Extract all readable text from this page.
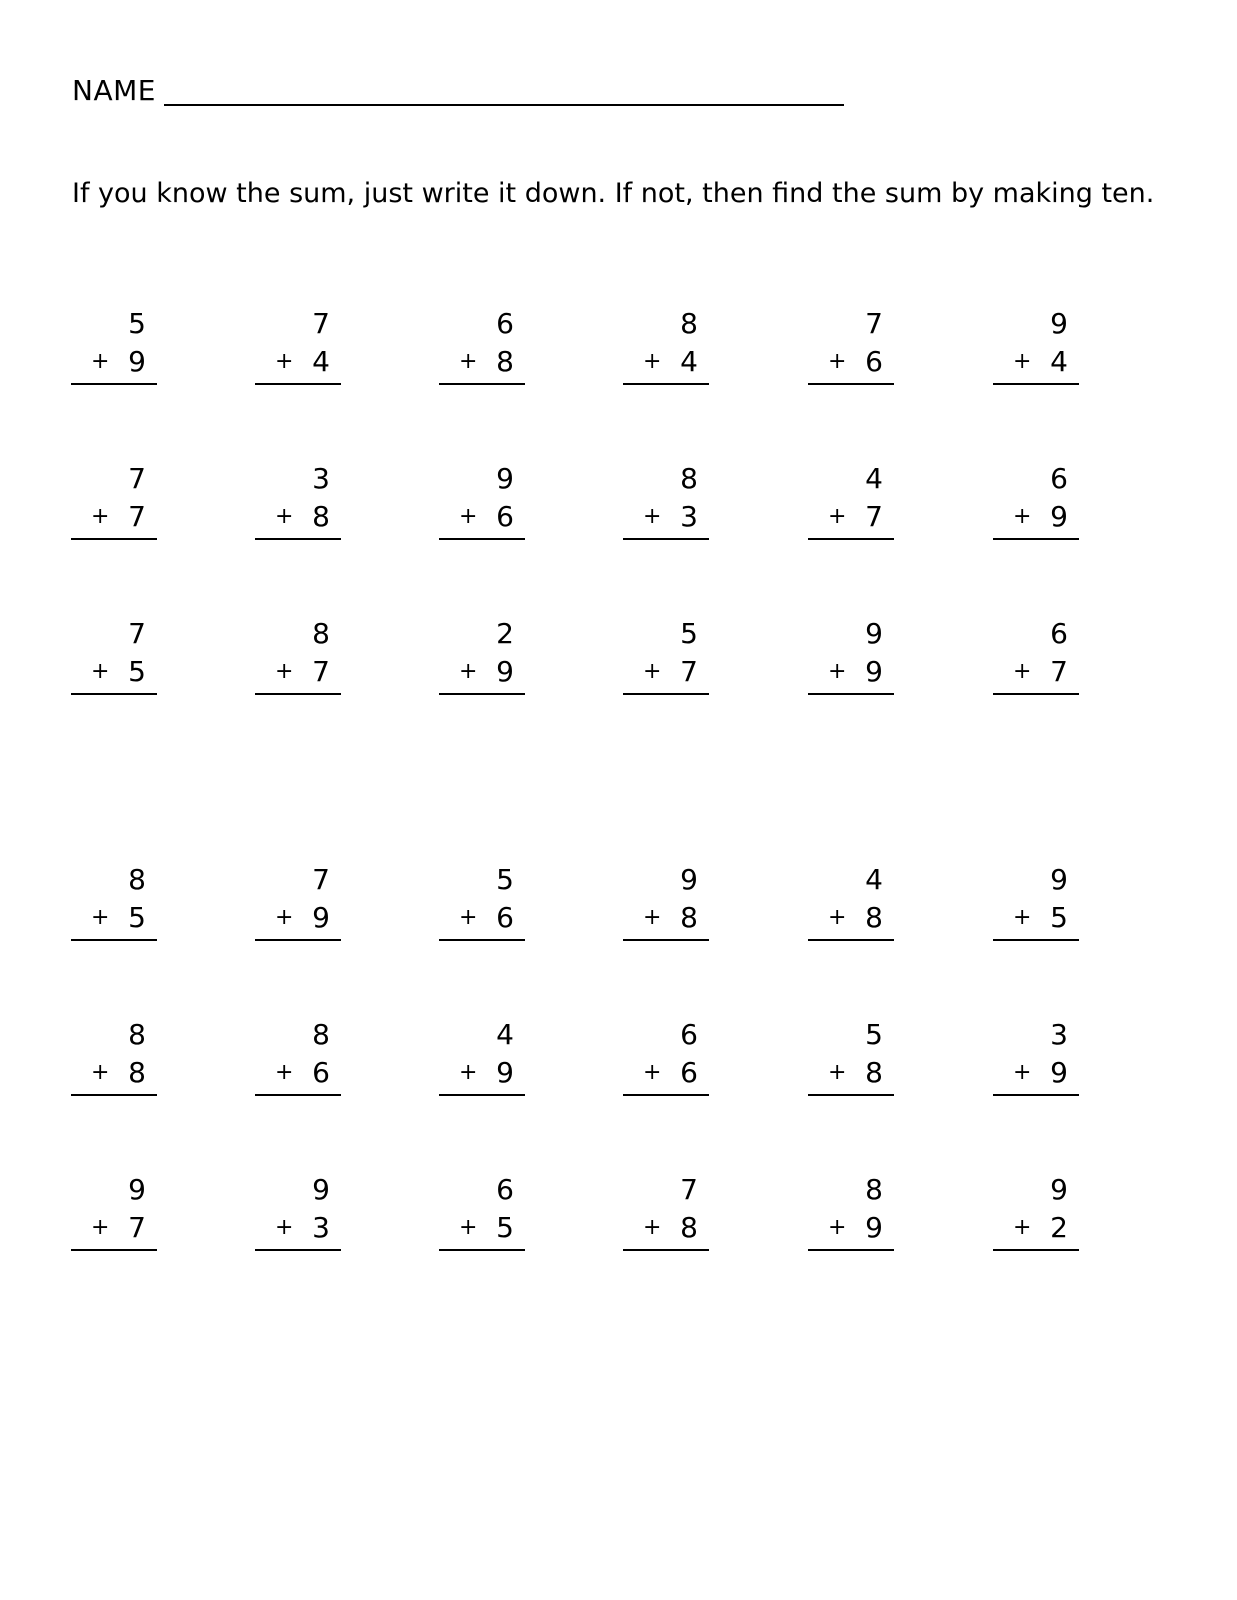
NAME
If you know the sum, just write it down. If not, then find the sum by making ten.
5
+ 9
7
+ 4
6
+ 8
8
+ 4
7
+ 6
9
+ 4
7
+ 7
3
+ 8
9
+ 6
8
+ 3
4
+ 7
6
+ 9
7
+ 5
8
+ 7
2
+ 9
5
+ 7
9
+ 9
6
+ 7
8
+ 5
7
+ 9
5
+ 6
9
+ 8
4
+ 8
9
+ 5
8
+ 8
8
+ 6
4
+ 9
6
+ 6
5
+ 8
3
+ 9
9
+ 7
9
+ 3
6
+ 5
7
+ 8
8
+ 9
9
+ 2
